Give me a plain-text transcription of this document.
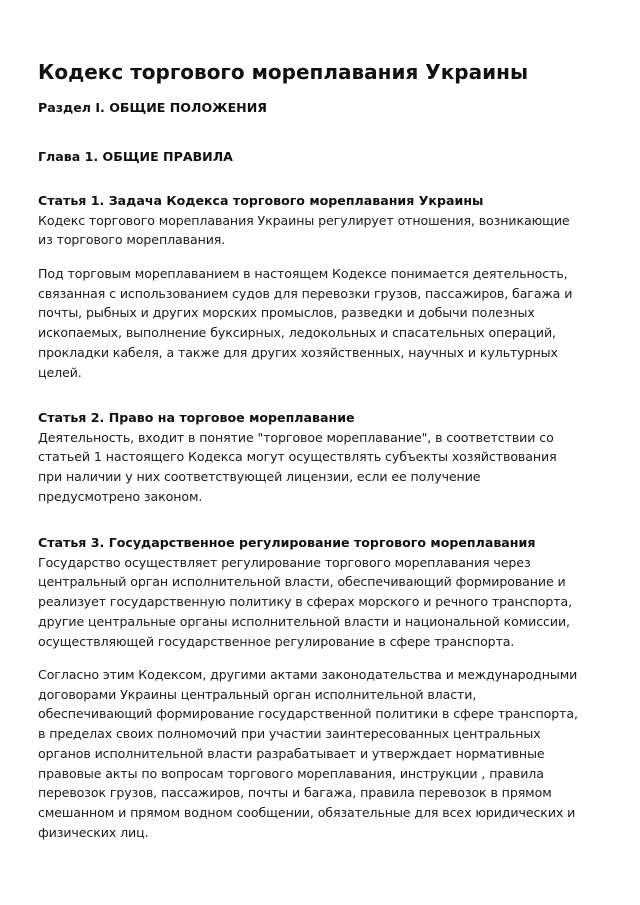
Кодекс торгового мореплавания Украины
Раздел I. ОБЩИЕ ПОЛОЖЕНИЯ
Глава 1. ОБЩИЕ ПРАВИЛА
Статья 1. Задача Кодекса торгового мореплавания Украины
Кодекс торгового мореплавания Украины регулирует отношения, возникающие
из торгового мореплавания.
Под торговым мореплаванием в настоящем Кодексе понимается деятельность,
связанная с использованием судов для перевозки грузов, пассажиров, багажа и
почты, рыбных и других морских промыслов, разведки и добычи полезных
ископаемых, выполнение буксирных, ледокольных и спасательных операций,
прокладки кабеля, а также для других хозяйственных, научных и культурных
целей.
Статья 2. Право на торговое мореплавание
Деятельность, входит в понятие "торговое мореплавание", в соответствии со
статьей 1 настоящего Кодекса могут осуществлять субъекты хозяйствования
при наличии у них соответствующей лицензии, если ее получение
предусмотрено законом.
Статья 3. Государственное регулирование торгового мореплавания
Государство осуществляет регулирование торгового мореплавания через
центральный орган исполнительной власти, обеспечивающий формирование и
реализует государственную политику в сферах морского и речного транспорта,
другие центральные органы исполнительной власти и национальной комиссии,
осуществляющей государственное регулирование в сфере транспорта.
Согласно этим Кодексом, другими актами законодательства и международными
договорами Украины центральный орган исполнительной власти,
обеспечивающий формирование государственной политики в сфере транспорта,
в пределах своих полномочий при участии заинтересованных центральных
органов исполнительной власти разрабатывает и утверждает нормативные
правовые акты по вопросам торгового мореплавания, инструкции , правила
перевозок грузов, пассажиров, почты и багажа, правила перевозок в прямом
смешанном и прямом водном сообщении, обязательные для всех юридических и
физических лиц.
